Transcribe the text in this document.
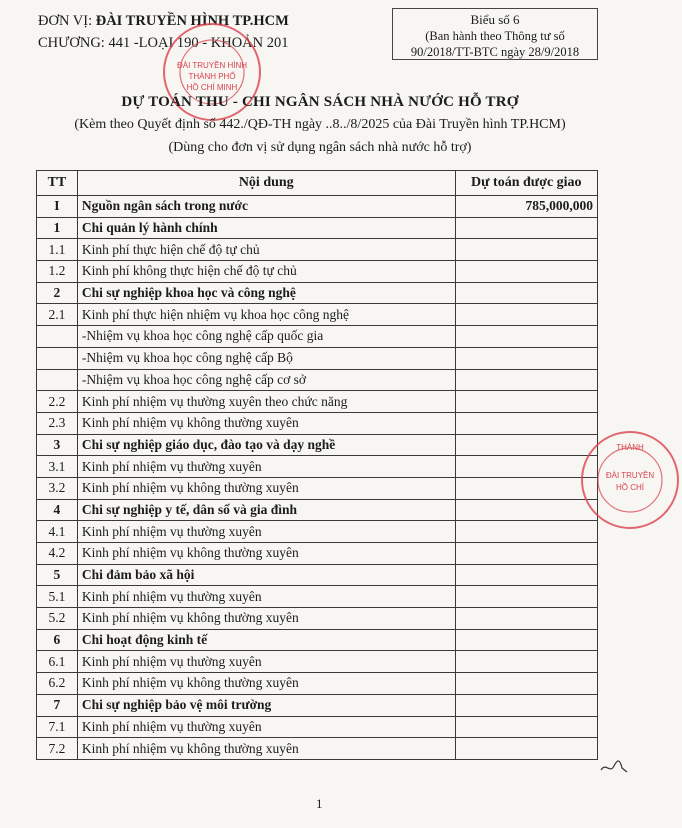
ĐƠN VỊ: ĐÀI TRUYỀN HÌNH TP.HCM
CHƯƠNG: 441 -LOẠI 190 - KHOẢN 201
ĐÀI TRUYỀN HÌNH
THÀNH PHỐ
HỒ CHÍ MINH
Biểu số 6
(Ban hành theo Thông tư số
90/2018/TT-BTC ngày 28/9/2018
DỰ TOÁN THU - CHI NGÂN SÁCH NHÀ NƯỚC HỖ TRỢ
(Kèm theo Quyết định số 442./QĐ-TH ngày ..8../8/2025 của Đài Truyền hình TP.HCM)
(Dùng cho đơn vị sử dụng ngân sách nhà nước hỗ trợ)
TT	Nội dung	Dự toán được giao
I	Nguồn ngân sách trong nước	785,000,000
1	Chi quản lý hành chính	
1.1	Kinh phí thực hiện chế độ tự chủ	
1.2	Kinh phí không thực hiện chế độ tự chủ	
2	Chi sự nghiệp khoa học và công nghệ	
2.1	Kinh phí thực hiện nhiệm vụ khoa học công nghệ	
	-Nhiệm vụ khoa học công nghệ cấp quốc gia	
	-Nhiệm vụ khoa học công nghệ cấp Bộ	
	-Nhiệm vụ khoa học công nghệ cấp cơ sở	
2.2	Kinh phí nhiệm vụ thường xuyên theo chức năng	
2.3	Kinh phí nhiệm vụ không thường xuyên	
3	Chi sự nghiệp giáo dục, đào tạo và dạy nghề	
3.1	Kinh phí nhiệm vụ thường xuyên	
3.2	Kinh phí nhiệm vụ không thường xuyên	
4	Chi sự nghiệp y tế, dân số và gia đình	
4.1	Kinh phí nhiệm vụ thường xuyên	
4.2	Kinh phí nhiệm vụ không thường xuyên	
5	Chi đảm bảo xã hội	
5.1	Kinh phí nhiệm vụ thường xuyên	
5.2	Kinh phí nhiệm vụ không thường xuyên	
6	Chi hoạt động kinh tế	
6.1	Kinh phí nhiệm vụ thường xuyên	
6.2	Kinh phí nhiệm vụ không thường xuyên	
7	Chi sự nghiệp bảo vệ môi trường	
7.1	Kinh phí nhiệm vụ thường xuyên	
7.2	Kinh phí nhiệm vụ không thường xuyên	
THÀNH
ĐÀI TRUYỀN
HỒ CHÍ
1
